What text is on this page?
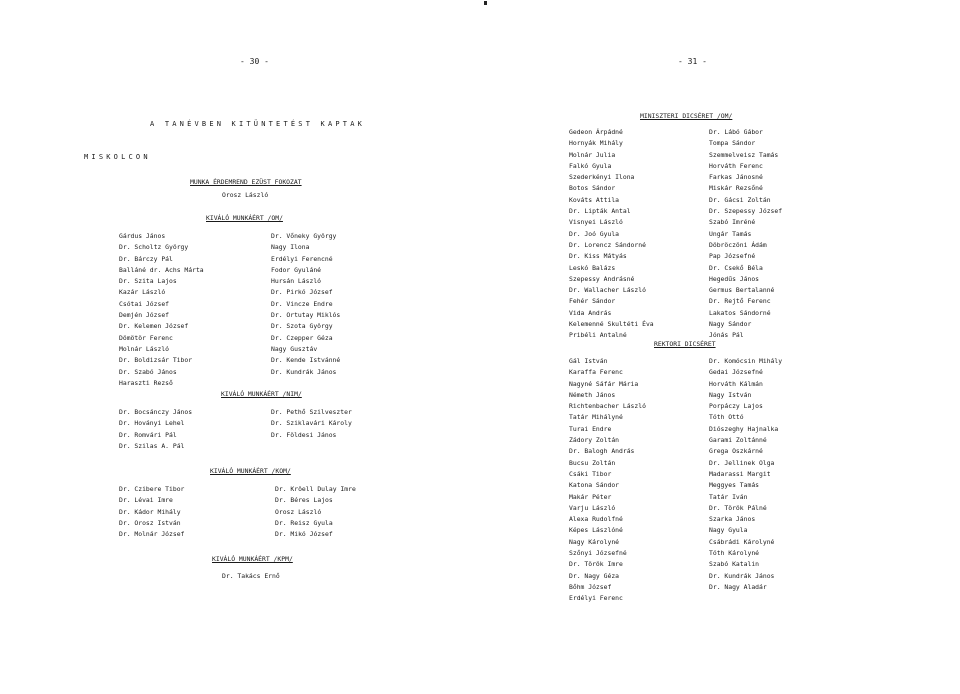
- 30 -
A TANÉVBEN KITÜNTETÉST KAPTAK
MISKOLCON
MUNKA ÉRDEMREND EZÜST FOKOZAT
Orosz László
KIVÁLÓ MUNKÁÉRT /OM/
Gárdus János
Dr. Scholtz György
Dr. Bárczy Pál
Balláné dr. Achs Márta
Dr. Szita Lajos
Kazár László
Csótai József
Demjén József
Dr. Kelemen József
Dömötör Ferenc
Molnár László
Dr. Boldizsár Tibor
Dr. Szabó János
Haraszti Rezső
Dr. Vőneky György
Nagy Ilona
Erdélyi Ferencné
Fodor Gyuláné
Hursán László
Dr. Pirkó József
Dr. Vincze Endre
Dr. Ortutay Miklós
Dr. Szota György
Dr. Czepper Géza
Nagy Gusztáv
Dr. Kende Istvánné
Dr. Kundrák János
KIVÁLÓ MUNKÁÉRT /NIM/
Dr. Bocsánczy János
Dr. Hoványi Lehel
Dr. Romvári Pál
Dr. Szilas A. Pál
Dr. Pethő Szilveszter
Dr. Sziklavári Károly
Dr. Földesi János
KIVÁLÓ MUNKÁÉRT /KOM/
Dr. Czibere Tibor
Dr. Lévai Imre
Dr. Kádor Mihály
Dr. Orosz István
Dr. Molnár József
Dr. Kröell Dulay Imre
Dr. Béres Lajos
Orosz László
Dr. Reisz Gyula
Dr. Mikó József
KIVÁLÓ MUNKÁÉRT /KPM/
Dr. Takács Ernő
- 31 -
MINISZTERI DICSÉRET /OM/
Gedeon Árpádné
Hornyák Mihály
Molnár Julia
Falkó Gyula
Szederkényi Ilona
Botos Sándor
Kováts Attila
Dr. Lipták Antal
Visnyei László
Dr. Joó Gyula
Dr. Lorencz Sándorné
Dr. Kiss Mátyás
Leskó Balázs
Szepessy Andrásné
Dr. Wallacher László
Fehér Sándor
Vida András
Kelemenné Skultéti Éva
Pribéli Antalné
Dr. Lábó Gábor
Tompa Sándor
Szemmelveisz Tamás
Horváth Ferenc
Farkas Jánosné
Miskár Rezsőné
Dr. Gácsi Zoltán
Dr. Szepessy József
Szabó Imréné
Ungár Tamás
Döbröczöni Ádám
Pap Józsefné
Dr. Csekő Béla
Hegedűs János
Germus Bertalanné
Dr. Rejtő Ferenc
Lakatos Sándorné
Nagy Sándor
Jónás Pál
REKTORI DICSÉRET
Gál István
Karaffa Ferenc
Nagyné Sáfár Mária
Németh János
Richtenbacher László
Tatár Mihályné
Turai Endre
Zádory Zoltán
Dr. Balogh András
Bucsu Zoltán
Csáki Tibor
Katona Sándor
Makár Péter
Varju László
Alexa Rudolfné
Képes Lászlóné
Nagy Károlyné
Szőnyi Józsefné
Dr. Török Imre
Dr. Nagy Géza
Bőhm József
Erdélyi Ferenc
Dr. Komócsin Mihály
Gedai Józsefné
Horváth Kálmán
Nagy István
Porpáczy Lajos
Tóth Ottó
Diószeghy Hajnalka
Garami Zoltánné
Grega Oszkárné
Dr. Jellinek Olga
Madarassi Margit
Meggyes Tamás
Tatár Iván
Dr. Török Pálné
Szarka János
Nagy Gyula
Csábrádi Károlyné
Tóth Károlyné
Szabó Katalin
Dr. Kundrák János
Dr. Nagy Aladár
